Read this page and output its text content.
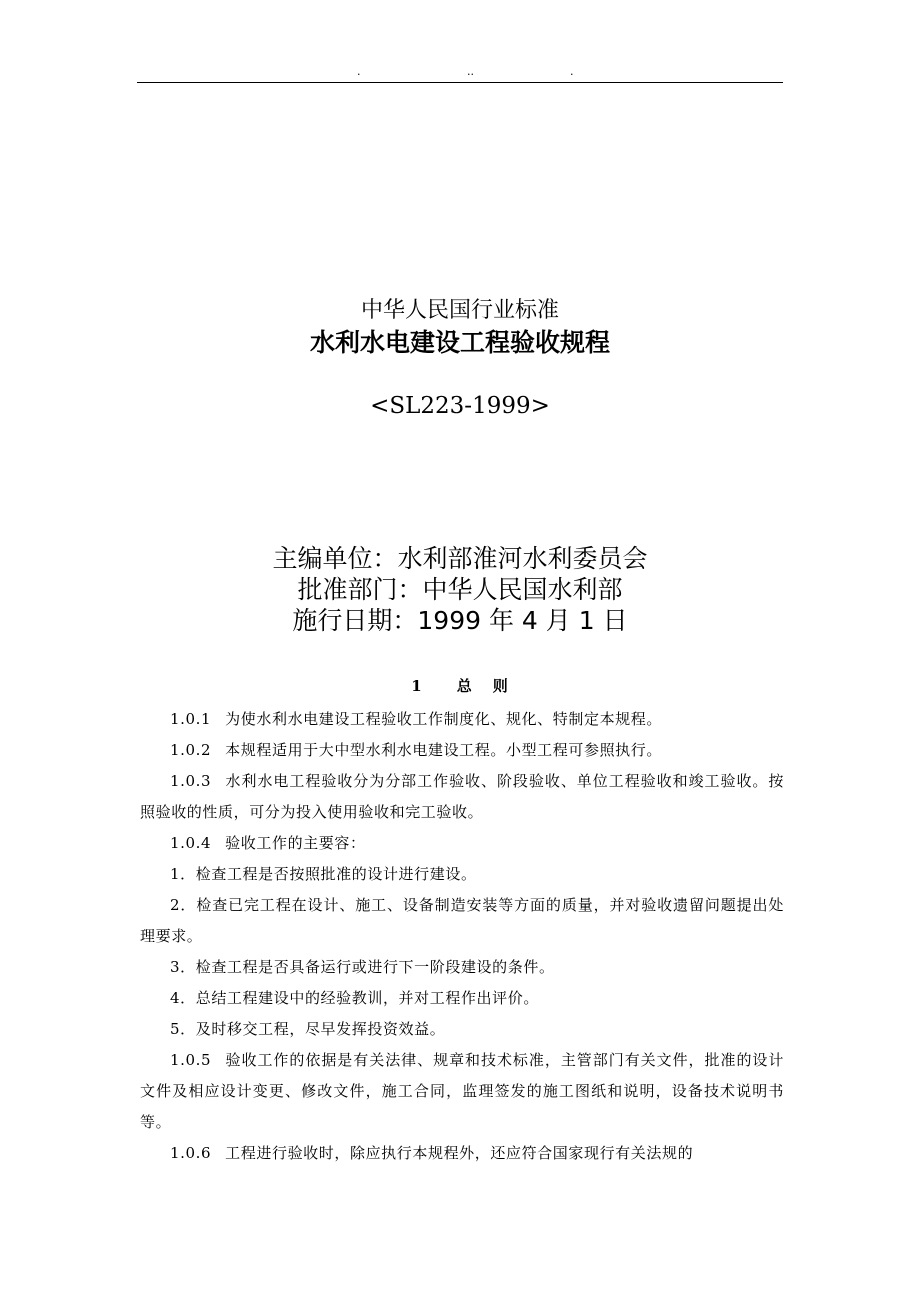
.	..	.
中华人民国行业标准
水利水电建设工程验收规程
<SL223-1999>
主编单位：水利部淮河水利委员会
批准部门：中华人民国水利部
施行日期：1999 年 4 月 1 日
1 总 则

1.0.1 为使水利水电建设工程验收工作制度化、规化、特制定本规程。

1.0.2 本规程适用于大中型水利水电建设工程。小型工程可参照执行。

1.0.3 水利水电工程验收分为分部工作验收、阶段验收、单位工程验收和竣工验收。按照验收的性质，可分为投入使用验收和完工验收。

1.0.4 验收工作的主要容：

1．检查工程是否按照批准的设计进行建设。

2．检查已完工程在设计、施工、设备制造安装等方面的质量，并对验收遗留问题提出处理要求。

3．检查工程是否具备运行或进行下一阶段建设的条件。

4．总结工程建设中的经验教训，并对工程作出评价。

5．及时移交工程，尽早发挥投资效益。

1.0.5 验收工作的依据是有关法律、规章和技术标准，主管部门有关文件，批准的设计文件及相应设计变更、修改文件，施工合同，监理签发的施工图纸和说明，设备技术说明书等。

1.0.6 工程进行验收时，除应执行本规程外，还应符合国家现行有关法规的
